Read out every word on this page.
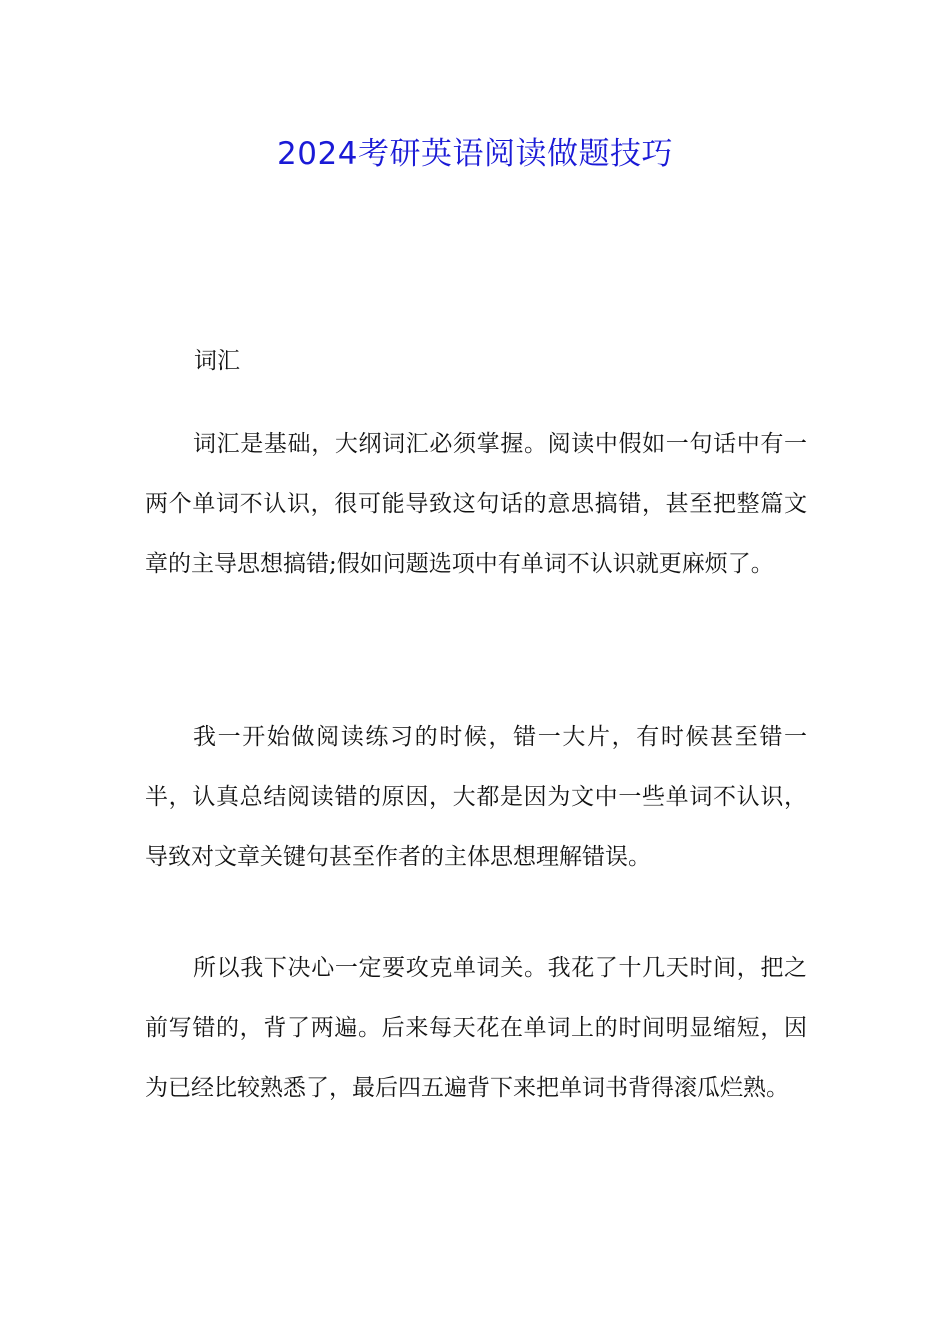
2024考研英语阅读做题技巧
词汇

词汇是基础，大纲词汇必须掌握。阅读中假如一句话中有一两个单词不认识，很可能导致这句话的意思搞错，甚至把整篇文章的主导思想搞错;假如问题选项中有单词不认识就更麻烦了。

我一开始做阅读练习的时候，错一大片，有时候甚至错一半，认真总结阅读错的原因，大都是因为文中一些单词不认识，导致对文章关键句甚至作者的主体思想理解错误。

所以我下决心一定要攻克单词关。我花了十几天时间，把之前写错的，背了两遍。后来每天花在单词上的时间明显缩短，因为已经比较熟悉了，最后四五遍背下来把单词书背得滚瓜烂熟。
